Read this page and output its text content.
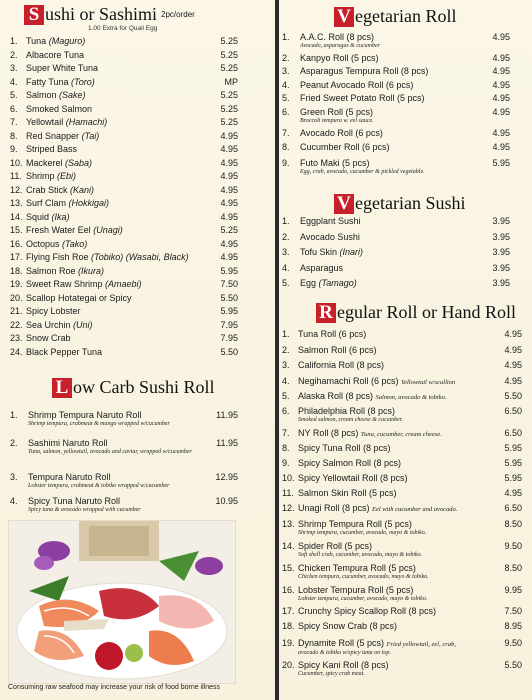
S ushi or Sashimi 2pc/order
1.00 Extra for Quail Egg
1. Tuna (Maguro)	5.25
2. Albacore Tuna	5.25
3. Super White Tuna	5.25
4. Fatty Tuna (Toro)	MP
5. Salmon (Sake)	5.25
6. Smoked Salmon	5.25
7. Yellowtail (Hamachi)	5.25
8. Red Snapper (Tai)	4.95
9. Striped Bass	4.95
10. Mackerel (Saba)	4.95
11. Shrimp (Ebi)	4.95
12. Crab Stick (Kani)	4.95
13. Surf Clam (Hokkigai)	4.95
14. Squid (Ika)	4.95
15. Fresh Water Eel (Unagi)	5.25
16. Octopus (Tako)	4.95
17. Flying Fish Roe (Tobiko) (Wasabi, Black)	4.95
18. Salmon Roe (Ikura)	5.95
19. Sweet Raw Shrimp (Amaebi)	7.50
20. Scallop Hotategai or Spicy	5.50
21. Spicy Lobster	5.95
22. Sea Urchin (Uni)	7.95
23. Snow Crab	7.95
24. Black Pepper Tuna	5.50
L ow Carb Sushi Roll
1.	Shrimp Tempura Naruto Roll
Shrimp tempura, crabmeat & mango wrapped w/cucumber
11.95
2.	Sashimi Naruto Roll
Tuna, salmon, yellowtail, avocado and caviar, wrapped w/cucumber
11.95
3.	Tempura Naruto Roll
Lobster tempura, crabmeat & tobiko wrapped w/cucumber
12.95
4.	Spicy Tuna Naruto Roll
Spicy tuna & avocado wrapped with cucumber
10.95
Consuming raw seafood may increase your risk of food borne illness
V egetarian Roll
1.	A.A.C. Roll (8 pcs)
Avocado, asparagus & cucumber
4.95
2.	Kanpyo Roll (5 pcs)	4.95
3.	Asparagus Tempura Roll (8 pcs)	4.95
4.	Peanut Avocado Roll (6 pcs)	4.95
5.	Fried Sweet Potato Roll (5 pcs)	4.95
6.	Green Roll (5 pcs)
Broccoli tempura w. eel sauce.
4.95
7.	Avocado Roll (6 pcs)	4.95
8.	Cucumber Roll (6 pcs)	4.95
9.	Futo Maki (5 pcs)
Egg, crab, avocado, cucumber & pickled vegetable.
5.95
V egetarian Sushi
1.	Eggplant Sushi	3.95
2.	Avocado Sushi	3.95
3.	Tofu Skin (Inari)	3.95
4.	Asparagus	3.95
5.	Egg (Tamago)	3.95
R egular Roll or Hand Roll
1. Tuna Roll (6 pcs)	4.95
2. Salmon Roll (6 pcs)	4.95
3. California Roll (8 pcs)	4.95
4. Negihamachi Roll (6 pcs) Yellowtail w/scallion	4.95
5. Alaska Roll (8 pcs) Salmon, avocado & tobiko.	5.50
6. Philadelphia Roll (8 pcs)
Smoked salmon, cream cheese & cucumber.
6.50
7. NY Roll (8 pcs) Tuna, cucumber, cream cheese.	6.50
8. Spicy Tuna Roll (8 pcs)	5.95
9. Spicy Salmon Roll (8 pcs)	5.95
10. Spicy Yellowtail Roll (8 pcs)	5.95
11. Salmon Skin Roll (5 pcs)	4.95
12. Unagi Roll (8 pcs) Eel with cucumber and avocado.	6.50
13. Shrimp Tempura Roll (5 pcs)
Shrimp tempura, cucumber, avocado, mayo & tobiko.
8.50
14. Spider Roll (5 pcs)
Soft shell crab, cucumber, avocado, mayo & tobiko.
9.50
15. Chicken Tempura Roll (5 pcs)
Chicken tempura, cucumber, avocado, mayo & tobiko.
8.50
16. Lobster Tempura Roll (5 pcs)
Lobster tempura, cucumber, avocado, mayo & tobiko.
9.95
17. Crunchy Spicy Scallop Roll (8 pcs)	7.50
18. Spicy Snow Crab (8 pcs)	8.95
19. Dynamite Roll (5 pcs) Fried yellowtail, eel, crab,
avocado & tobiko w/spicy tuna on top.
9.50
20. Spicy Kani Roll (8 pcs)
Cucumber, spicy crab meat.
5.50
